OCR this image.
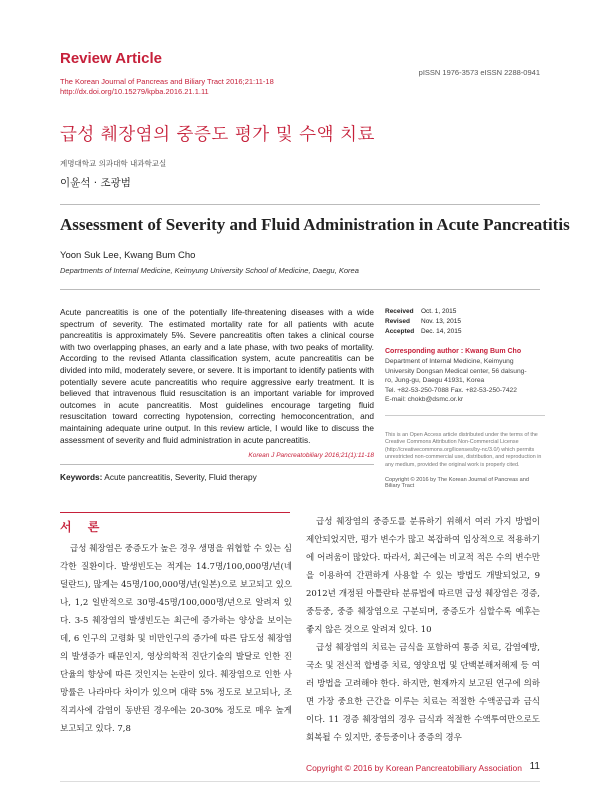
Review Article
The Korean Journal of Pancreas and Biliary Tract 2016;21:11-18
http://dx.doi.org/10.15279/kpba.2016.21.1.11
pISSN 1976-3573 eISSN 2288-0941
급성 췌장염의 중증도 평가 및 수액 치료
계명대학교 의과대학 내과학교실
이윤석 · 조광범
Assessment of Severity and Fluid Administration in Acute Pancreatitis
Yoon Suk Lee, Kwang Bum Cho
Departments of Internal Medicine, Keimyung University School of Medicine, Daegu, Korea
Acute pancreatitis is one of the potentially life-threatening diseases with a wide spectrum of severity. The estimated mortality rate for all patients with acute pancreatitis is approximately 5%. Severe pancreatitis often takes a clinical course with two overlapping phases, an early and a late phase, with two peaks of mortality. According to the revised Atlanta classification system, acute pancreatitis can be divided into mild, moderately severe, or severe. It is important to identify patients with potentially severe acute pancreatitis who require aggressive early treatment. It is believed that intravenous fluid resuscitation is an important variable for improved outcomes in acute pancreatitis. Most guidelines encourage targeting fluid resuscitation toward correcting hypotension, correcting hemoconcentration, and maintaining adequate urine output. In this review article, I would like to discuss the assessment of severity and fluid administration in acute pancreatitis.
Korean J Pancreatobiliary 2016;21(1):11-18
Keywords: Acute pancreatitis, Severity, Fluid therapy
Received Oct. 1, 2015
Revised Nov. 13, 2015
Accepted Dec. 14, 2015
Corresponding author : Kwang Bum Cho
Department of Internal Medicine, Keimyung
University Dongsan Medical center, 56 dalsung-
ro, Jung-gu, Daegu 41931, Korea
Tel. +82-53-250-7088 Fax. +82-53-250-7422
E-mail: chokb@dsmc.or.kr
This is an Open Access article distributed under the terms of the Creative Commons Attribution Non-Commercial License (http://creativecommons.org/licenses/by-nc/3.0/) which permits unrestricted non-commercial use, distribution, and reproduction in any medium, provided the original work is properly cited.
Copyright © 2016 by The Korean Journal of Pancreas and Biliary Tract
서 론

급성 췌장염은 중증도가 높은 경우 생명을 위협할 수 있는 심각한 질환이다. 발생빈도는 적게는 14.7명/100,000명/년(네덜란드), 많게는 45명/100,000명/년(일본)으로 보고되고 있으나, 1,2 일반적으로 30명-45명/100,000명/년으로 알려져 있다. 3-5 췌장염의 발생빈도는 최근에 증가하는 양상을 보이는데, 6 인구의 고령화 및 비만인구의 증가에 따른 담도성 췌장염의 발생증가 때문인지, 영상의학적 진단기술의 발달로 인한 진단율의 향상에 따른 것인지는 논란이 있다. 췌장염으로 인한 사망률은 나라마다 차이가 있으며 대략 5% 정도로 보고되나, 조직괴사에 감염이 동반된 경우에는 20-30% 정도로 매우 높게 보고되고 있다. 7,8

급성 췌장염의 중증도를 분류하기 위해서 여러 가지 방법이 제안되었지만, 평가 변수가 많고 복잡하여 임상적으로 적용하기에 어려움이 많았다. 따라서, 최근에는 비교적 적은 수의 변수만을 이용하여 간편하게 사용할 수 있는 방법도 개발되었고, 9 2012년 개정된 아틀란타 분류법에 따르면 급성 췌장염은 경증, 중등중, 중증 췌장염으로 구분되며, 중증도가 심할수록 예후는 좋지 않은 것으로 알려져 있다. 10

급성 췌장염의 치료는 금식을 포함하여 통증 치료, 감염예방, 국소 및 전신적 합병증 치료, 영양요법 및 단백분해저해제 등 여러 방법을 고려해야 한다. 하지만, 현재까지 보고된 연구에 의하면 가장 중요한 근간을 이루는 치료는 적절한 수액공급과 금식이다. 11 경증 췌장염의 경우 금식과 적절한 수액투여만으로도 회복될 수 있지만, 중등중이나 중증의 경우

Copyright © 2016 by Korean Pancreatobiliary Association 11
